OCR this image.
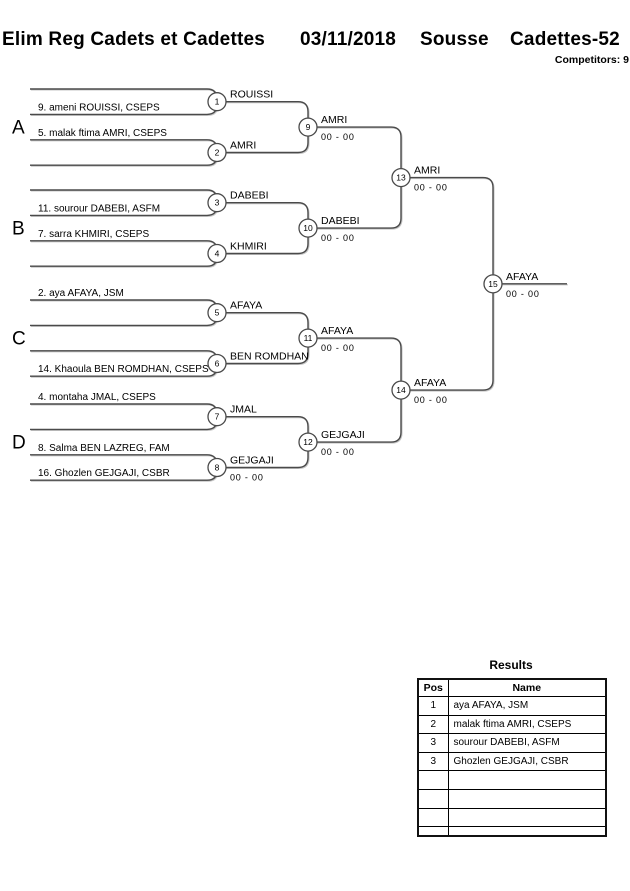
Elim Reg Cadets et Cadettes 03/11/2018 Sousse Cadettes-52
Competitors: 9
A
B
C
D
9. ameni ROUISSI, CSEPS
5. malak ftima AMRI, CSEPS
11. sourour DABEBI, ASFM
7. sarra KHMIRI, CSEPS
2. aya AFAYA, JSM
14. Khaoula BEN ROMDHAN, CSEPS
4. montaha JMAL, CSEPS
8. Salma BEN LAZREG, FAM
16. Ghozlen GEJGAJI, CSBR
1
ROUISSI
2
AMRI
3
DABEBI
4
KHMIRI
5
AFAYA
6
BEN ROMDHAN
7
JMAL
8
GEJGAJI
00 - 00
9
AMRI
00 - 00
10
DABEBI
00 - 00
11
AFAYA
00 - 00
12
GEJGAJI
00 - 00
13
AMRI
00 - 00
14
AFAYA
00 - 00
15
AFAYA
00 - 00
Results
Pos	Name
1	aya AFAYA, JSM
2	malak ftima AMRI, CSEPS
3	sourour DABEBI, ASFM
3	Ghozlen GEJGAJI, CSBR
